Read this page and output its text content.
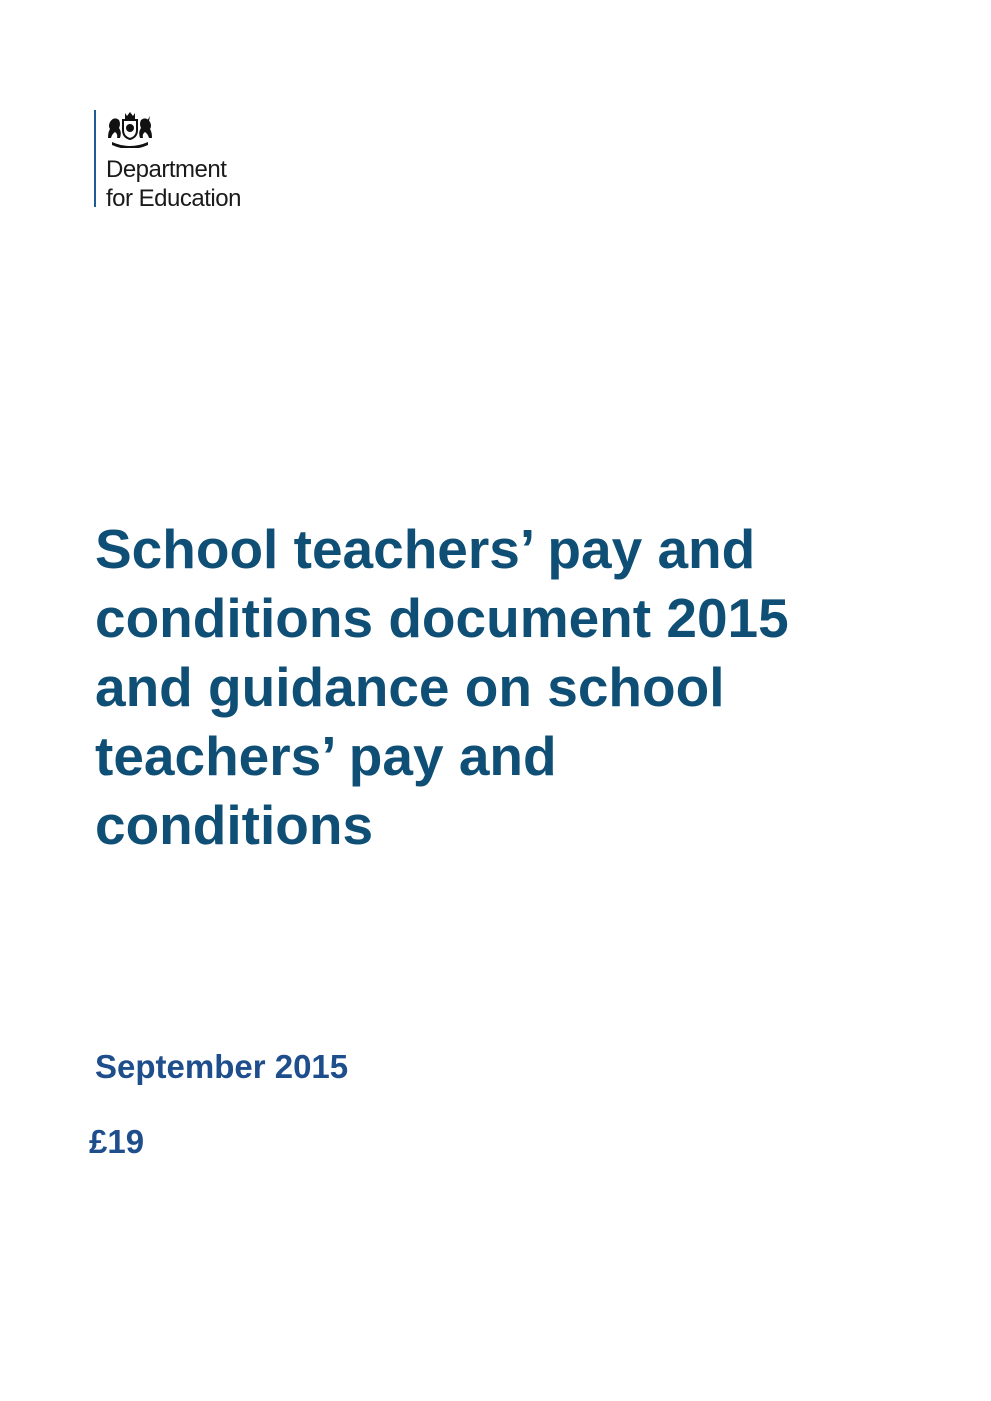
Department
for Education
School teachers’ pay and
conditions document 2015
and guidance on school
teachers’ pay and
conditions
September 2015
£19
